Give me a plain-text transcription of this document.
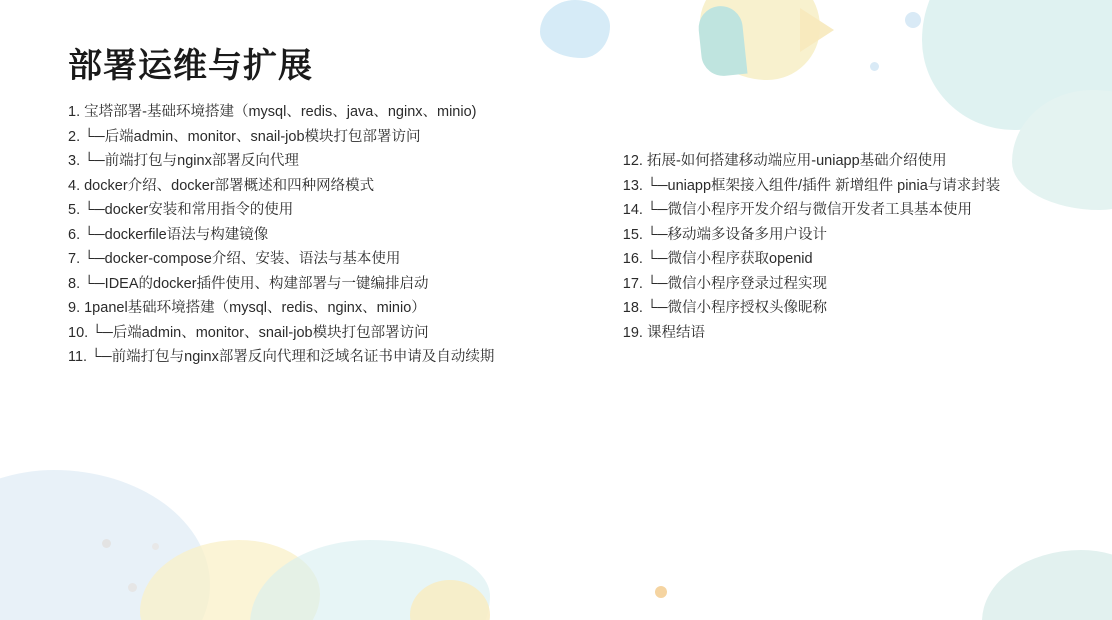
部署运维与扩展
1. 宝塔部署-基础环境搭建（mysql、redis、java、nginx、minio)
2. └─后端admin、monitor、snail-job模块打包部署访问
3. └─前端打包与nginx部署反向代理
4. docker介绍、docker部署概述和四种网络模式
5. └─docker安装和常用指令的使用
6. └─dockerfile语法与构建镜像
7. └─docker-compose介绍、安装、语法与基本使用
8. └─IDEA的docker插件使用、构建部署与一键编排启动
9. 1panel基础环境搭建（mysql、redis、nginx、minio）
10. └─后端admin、monitor、snail-job模块打包部署访问
11. └─前端打包与nginx部署反向代理和泛域名证书申请及自动续期
12. 拓展-如何搭建移动端应用-uniapp基础介绍使用
13. └─uniapp框架接入组件/插件 新增组件 pinia与请求封装
14. └─微信小程序开发介绍与微信开发者工具基本使用
15. └─移动端多设备多用户设计
16. └─微信小程序获取openid
17. └─微信小程序登录过程实现
18. └─微信小程序授权头像昵称
19. 课程结语
